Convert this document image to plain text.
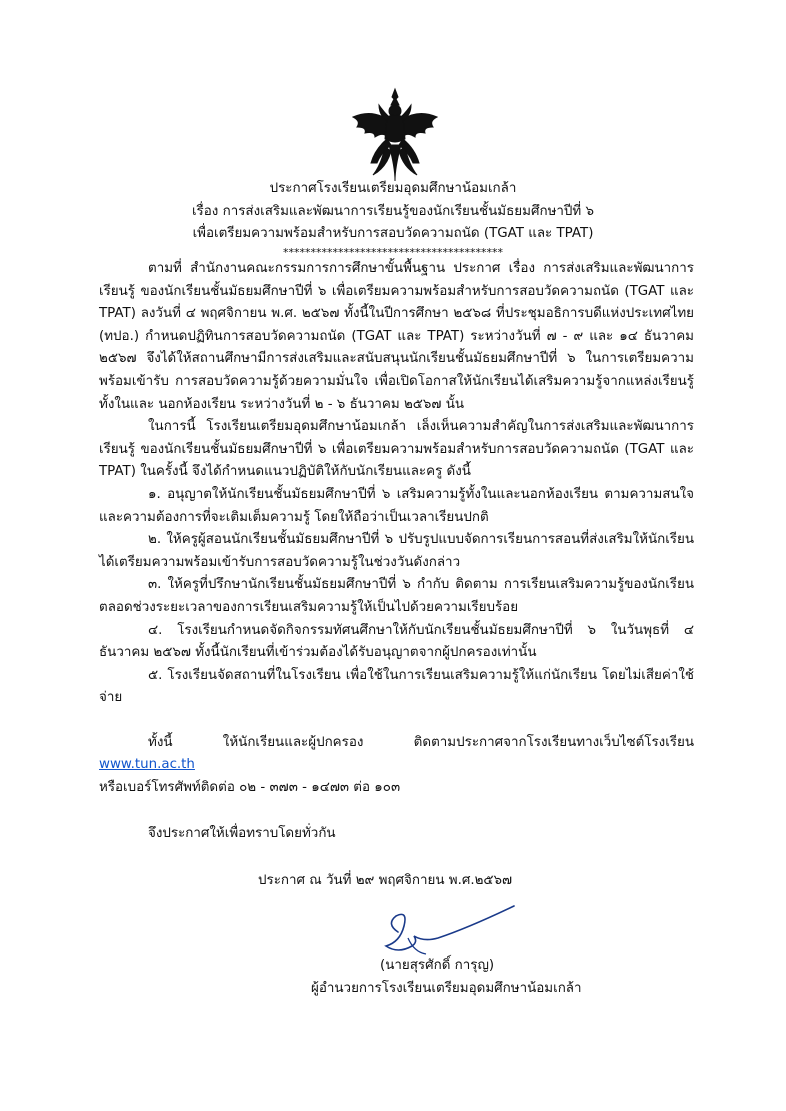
ประกาศโรงเรียนเตรียมอุดมศึกษาน้อมเกล้า
เรื่อง การส่งเสริมและพัฒนาการเรียนรู้ของนักเรียนชั้นมัธยมศึกษาปีที่ ๖
เพื่อเตรียมความพร้อมสำหรับการสอบวัดความถนัด (TGAT และ TPAT)
****************************************

ตามที่ สำนักงานคณะกรรมการการศึกษาขั้นพื้นฐาน ประกาศ เรื่อง การส่งเสริมและพัฒนาการเรียนรู้ ของนักเรียนชั้นมัธยมศึกษาปีที่ ๖ เพื่อเตรียมความพร้อมสำหรับการสอบวัดความถนัด (TGAT และ TPAT) ลงวันที่ ๔ พฤศจิกายน พ.ศ. ๒๕๖๗ ทั้งนี้ในปีการศึกษา ๒๕๖๘ ที่ประชุมอธิการบดีแห่งประเทศไทย (ทปอ.) กำหนดปฏิทินการสอบวัดความถนัด (TGAT และ TPAT) ระหว่างวันที่ ๗ - ๙ และ ๑๔ ธันวาคม ๒๕๖๗ จึงได้ให้สถานศึกษามีการส่งเสริมและสนับสนุนนักเรียนชั้นมัธยมศึกษาปีที่ ๖ ในการเตรียมความพร้อมเข้ารับ การสอบวัดความรู้ด้วยความมั่นใจ เพื่อเปิดโอกาสให้นักเรียนได้เสริมความรู้จากแหล่งเรียนรู้ ทั้งในและ นอกห้องเรียน ระหว่างวันที่ ๒ - ๖ ธันวาคม ๒๕๖๗ นั้น

ในการนี้ โรงเรียนเตรียมอุดมศึกษาน้อมเกล้า เล็งเห็นความสำคัญในการส่งเสริมและพัฒนาการเรียนรู้ ของนักเรียนชั้นมัธยมศึกษาปีที่ ๖ เพื่อเตรียมความพร้อมสำหรับการสอบวัดความถนัด (TGAT และ TPAT) ในครั้งนี้ จึงได้กำหนดแนวปฏิบัติให้กับนักเรียนและครู ดังนี้

๑. อนุญาตให้นักเรียนชั้นมัธยมศึกษาปีที่ ๖ เสริมความรู้ทั้งในและนอกห้องเรียน ตามความสนใจ และความต้องการที่จะเติมเต็มความรู้ โดยให้ถือว่าเป็นเวลาเรียนปกติ

๒. ให้ครูผู้สอนนักเรียนชั้นมัธยมศึกษาปีที่ ๖ ปรับรูปแบบจัดการเรียนการสอนที่ส่งเสริมให้นักเรียน ได้เตรียมความพร้อมเข้ารับการสอบวัดความรู้ในช่วงวันดังกล่าว

๓. ให้ครูที่ปรึกษานักเรียนชั้นมัธยมศึกษาปีที่ ๖ กำกับ ติดตาม การเรียนเสริมความรู้ของนักเรียน ตลอดช่วงระยะเวลาของการเรียนเสริมความรู้ให้เป็นไปด้วยความเรียบร้อย

๔. โรงเรียนกำหนดจัดกิจกรรมทัศนศึกษาให้กับนักเรียนชั้นมัธยมศึกษาปีที่ ๖ ในวันพุธที่ ๔ ธันวาคม ๒๕๖๗ ทั้งนี้นักเรียนที่เข้าร่วมต้องได้รับอนุญาตจากผู้ปกครองเท่านั้น

๕. โรงเรียนจัดสถานที่ในโรงเรียน เพื่อใช้ในการเรียนเสริมความรู้ให้แก่นักเรียน โดยไม่เสียค่าใช้จ่าย

ทั้งนี้ ให้นักเรียนและผู้ปกครอง ติดตามประกาศจากโรงเรียนทางเว็บไซต์โรงเรียน www.tun.ac.th

หรือเบอร์โทรศัพท์ติดต่อ ๐๒ - ๓๗๓ - ๑๔๗๓ ต่อ ๑๐๓

จึงประกาศให้เพื่อทราบโดยทั่วกัน
ประกาศ ณ วันที่ ๒๙ พฤศจิกายน พ.ศ.๒๕๖๗
(นายสุรศักดิ์ การุญ)
ผู้อำนวยการโรงเรียนเตรียมอุดมศึกษาน้อมเกล้า
